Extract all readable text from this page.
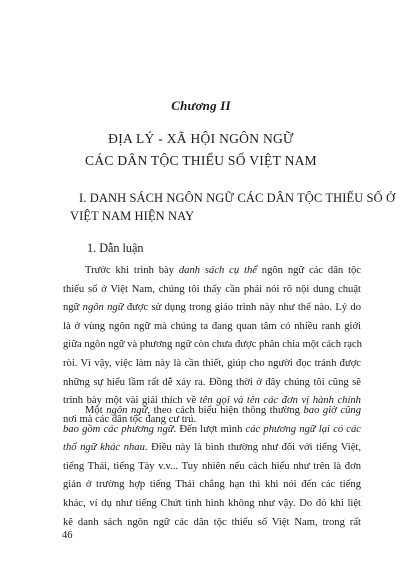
Chương II
ĐỊA LÝ - XÃ HỘI NGÔN NGỮ
CÁC DÂN TỘC THIỂU SỐ VIỆT NAM
I. DANH SÁCH NGÔN NGỮ CÁC DÂN TỘC THIỂU SỐ Ở
VIỆT NAM HIỆN NAY
1. Dẫn luận
Trước khi trình bày danh sách cụ thể ngôn ngữ các dân tộc
thiểu số ở Việt Nam, chúng tôi thấy cần phải nói rõ nội dung chuật
ngữ ngôn ngữ được sử dụng trong giáo trình này như thế nào. Lý do
là ở vùng ngôn ngữ mà chúng ta đang quan tâm có nhiều ranh giới
giữa ngôn ngữ và phương ngữ còn chưa được phân chia một cách rạch
ròi. Vì vậy, việc làm này là cần thiết, giúp cho người đọc tránh được
những sự hiểu lầm rất dễ xảy ra. Đồng thời ở đây chúng tôi cũng sẽ
trình bày một vài giải thích về tên gọi và tên các đơn vị hành chính
nơi mà các dân tộc đang cư trú.
Một ngôn ngữ, theo cách biểu hiện thông thường bao giờ cũng
bao gồm các phương ngữ. Đến lượt mình các phương ngữ lại có các
thổ ngữ khác nhau. Điều này là bình thường như đối với tiếng Việt,
tiếng Thái, tiếng Tày v.v... Tuy nhiên nếu cách hiểu như trên là đơn
giản ở trường hợp tiếng Thái chẳng hạn thì khi nói đến các tiếng
khác, ví dụ như tiếng Chứt tình hình không như vậy. Do đó khi liệt
kê danh sách ngôn ngữ các dân tộc thiểu số Việt Nam, trong rất
46
